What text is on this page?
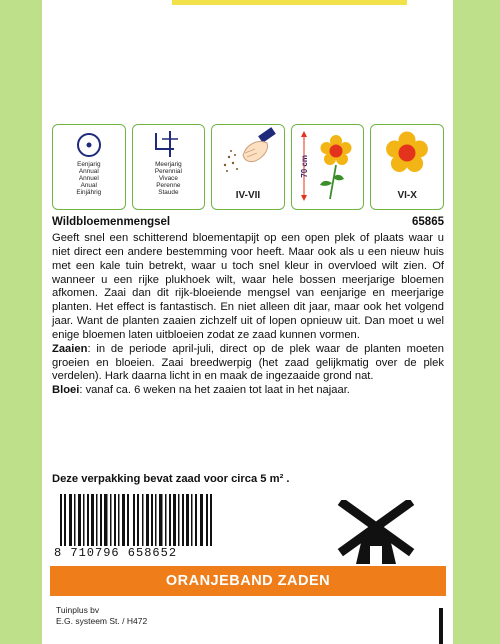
Eenjarig
Annual
Annuel
Anual
Einjährig
Meerjarig
Perennial
Vivace
Perenne
Staude	IV-VII
70 cm
VI-X
Wildbloemenmengsel	65865

Geeft snel een schitterend bloementapijt op een open plek of plaats waar u niet direct een andere bestemming voor heeft. Maar ook als u een nieuw huis met een kale tuin betrekt, waar u toch snel kleur in overvloed wilt zien. Of wanneer u een rijke plukhoek wilt, waar hele bossen meerjarige bloemen afkomen. Zaai dan dit rijk-bloeiende mengsel van eenjarige en meerjarige planten. Het effect is fantastisch. En niet alleen dit jaar, maar ook het volgend jaar. Want de planten zaaien zichzelf uit of lopen opnieuw uit. Dan moet u wel enige bloemen laten uitbloeien zodat ze zaad kunnen vormen.

Zaaien: in de periode april-juli, direct op de plek waar de planten moeten groeien en bloeien. Zaai breedwerpig (het zaad gelijkmatig over de plek verdelen). Hark daarna licht in en maak de ingezaaide grond nat.

Bloei: vanaf ca. 6 weken na het zaaien tot laat in het najaar.

Deze verpakking bevat zaad voor circa 5 m² .
8 710796 658652
ORANJEBAND ZADEN
Tuinplus bv
E.G. systeem St. / H472
